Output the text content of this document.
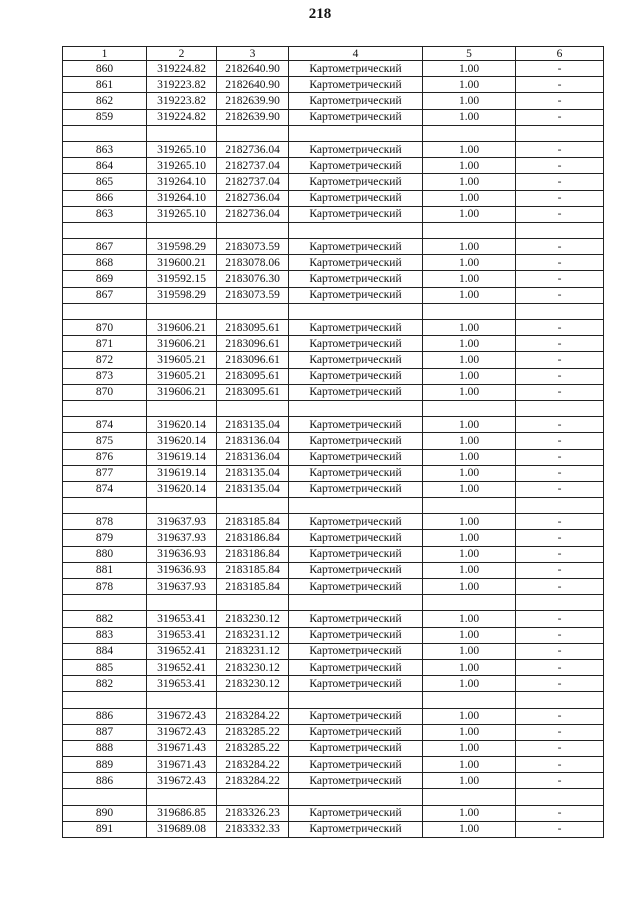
218
1	2	3	4	5	6
860	319224.82	2182640.90	Картометрический	1.00	-
861	319223.82	2182640.90	Картометрический	1.00	-
862	319223.82	2182639.90	Картометрический	1.00	-
859	319224.82	2182639.90	Картометрический	1.00	-

863	319265.10	2182736.04	Картометрический	1.00	-
864	319265.10	2182737.04	Картометрический	1.00	-
865	319264.10	2182737.04	Картометрический	1.00	-
866	319264.10	2182736.04	Картометрический	1.00	-
863	319265.10	2182736.04	Картометрический	1.00	-

867	319598.29	2183073.59	Картометрический	1.00	-
868	319600.21	2183078.06	Картометрический	1.00	-
869	319592.15	2183076.30	Картометрический	1.00	-
867	319598.29	2183073.59	Картометрический	1.00	-

870	319606.21	2183095.61	Картометрический	1.00	-
871	319606.21	2183096.61	Картометрический	1.00	-
872	319605.21	2183096.61	Картометрический	1.00	-
873	319605.21	2183095.61	Картометрический	1.00	-
870	319606.21	2183095.61	Картометрический	1.00	-

874	319620.14	2183135.04	Картометрический	1.00	-
875	319620.14	2183136.04	Картометрический	1.00	-
876	319619.14	2183136.04	Картометрический	1.00	-
877	319619.14	2183135.04	Картометрический	1.00	-
874	319620.14	2183135.04	Картометрический	1.00	-

878	319637.93	2183185.84	Картометрический	1.00	-
879	319637.93	2183186.84	Картометрический	1.00	-
880	319636.93	2183186.84	Картометрический	1.00	-
881	319636.93	2183185.84	Картометрический	1.00	-
878	319637.93	2183185.84	Картометрический	1.00	-

882	319653.41	2183230.12	Картометрический	1.00	-
883	319653.41	2183231.12	Картометрический	1.00	-
884	319652.41	2183231.12	Картометрический	1.00	-
885	319652.41	2183230.12	Картометрический	1.00	-
882	319653.41	2183230.12	Картометрический	1.00	-

886	319672.43	2183284.22	Картометрический	1.00	-
887	319672.43	2183285.22	Картометрический	1.00	-
888	319671.43	2183285.22	Картометрический	1.00	-
889	319671.43	2183284.22	Картометрический	1.00	-
886	319672.43	2183284.22	Картометрический	1.00	-

890	319686.85	2183326.23	Картометрический	1.00	-
891	319689.08	2183332.33	Картометрический	1.00	-
